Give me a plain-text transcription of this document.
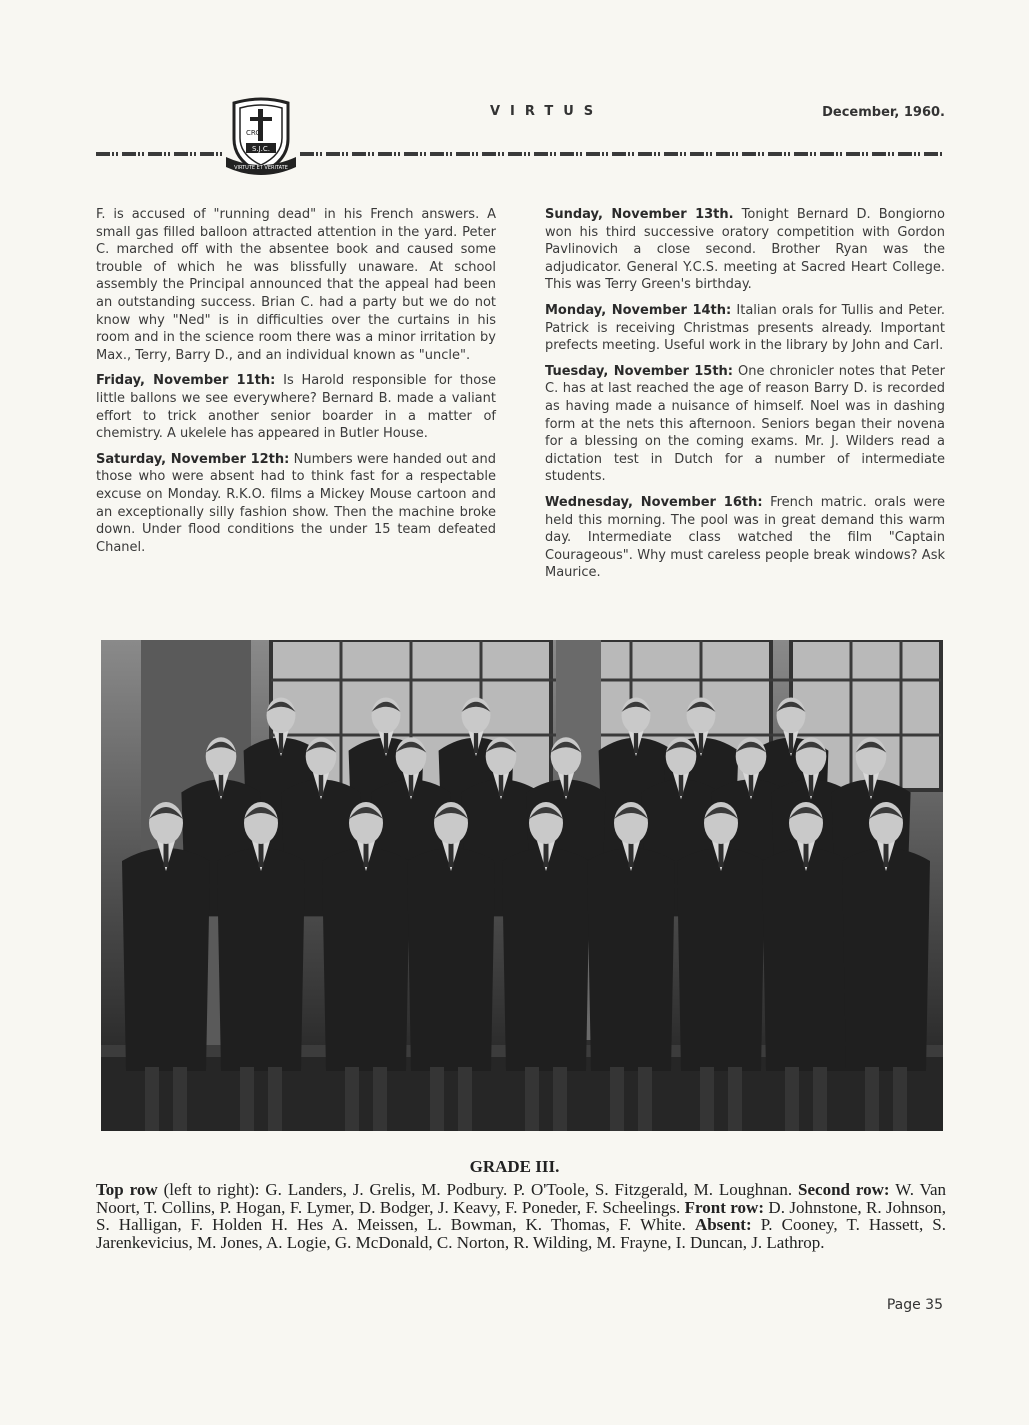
CRC
S.J.C.
VIRTUTE ET VERITATE
VIRTUS	December, 1960.

F. is accused of "running dead" in his French answers. A small gas filled balloon attracted attention in the yard. Peter C. marched off with the absentee book and caused some trouble of which he was blissfully unaware. At school assembly the Principal announced that the appeal had been an outstanding success. Brian C. had a party but we do not know why "Ned" is in difficulties over the curtains in his room and in the science room there was a minor irritation by Max., Terry, Barry D., and an individual known as "uncle".

Friday, November 11th: Is Harold responsible for those little ballons we see everywhere? Bernard B. made a valiant effort to trick another senior boarder in a matter of chemistry. A ukelele has appeared in Butler House.

Saturday, November 12th: Numbers were handed out and those who were absent had to think fast for a respectable excuse on Monday. R.K.O. films a Mickey Mouse cartoon and an exceptionally silly fashion show. Then the machine broke down. Under flood conditions the under 15 team defeated Chanel.

Sunday, November 13th. Tonight Bernard D. Bongiorno won his third successive oratory competition with Gordon Pavlinovich a close second. Brother Ryan was the adjudicator. General Y.C.S. meeting at Sacred Heart College. This was Terry Green's birthday.

Monday, November 14th: Italian orals for Tullis and Peter. Patrick is receiving Christmas presents already. Important prefects meeting. Useful work in the library by John and Carl.

Tuesday, November 15th: One chronicler notes that Peter C. has at last reached the age of reason Barry D. is recorded as having made a nuisance of himself. Noel was in dashing form at the nets this afternoon. Seniors began their novena for a blessing on the coming exams. Mr. J. Wilders read a dictation test in Dutch for a number of intermediate students.

Wednesday, November 16th: French matric. orals were held this morning. The pool was in great demand this warm day. Intermediate class watched the film "Captain Courageous". Why must careless people break windows? Ask Maurice.

GRADE III.
Top row (left to right): G. Landers, J. Grelis, M. Podbury. P. O'Toole, S. Fitzgerald, M. Loughnan. Second row: W. Van Noort, T. Collins, P. Hogan, F. Lymer, D. Bodger, J. Keavy, F. Poneder, F. Scheelings. Front row: D. Johnstone, R. Johnson, S. Halligan, F. Holden H. Hes A. Meissen, L. Bowman, K. Thomas, F. White. Absent: P. Cooney, T. Hassett, S. Jarenkevicius, M. Jones, A. Logie, G. McDonald, C. Norton, R. Wilding, M. Frayne, I. Duncan, J. Lathrop.
Page 35
